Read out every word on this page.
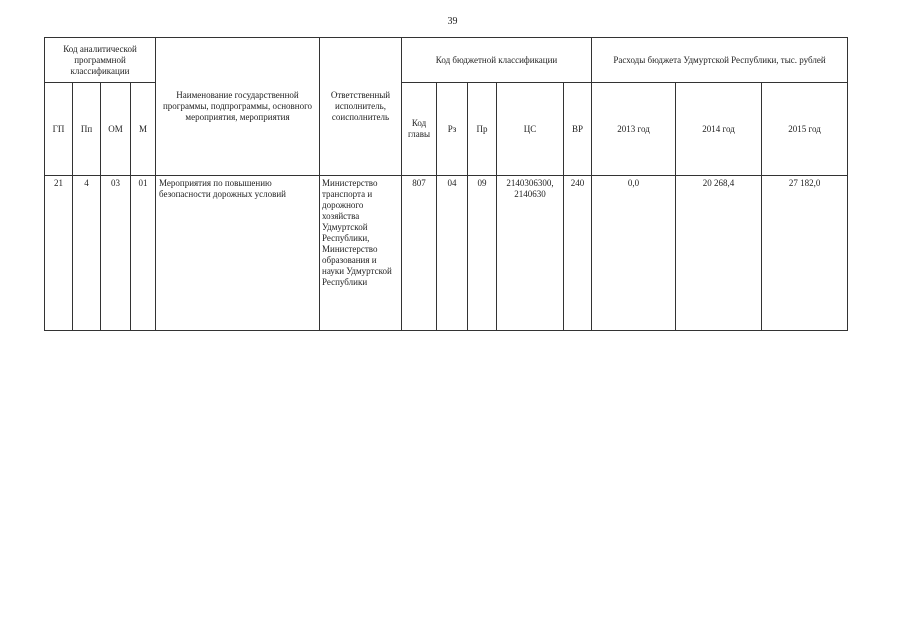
39
Код аналитической программной классификации				Наименование государственной программы, подпрограммы, основного мероприятия, мероприятия	Ответственный исполнитель, соисполнитель	Код бюджетной классификации					Расходы бюджета Удмуртской Республики, тыс. рублей		
ГП	Пп	ОМ	М			Код главы	Рз	Пр	ЦС	ВР	2013 год	2014 год	2015 год
21	4	03	01	Мероприятия по повышению безопасности дорожных условий	Министерство транспорта и дорожного хозяйства Удмуртской Республики, Министерство образования и науки Удмуртской Республики	807	04	09	2140306300, 2140630	240	0,0	20 268,4	27 182,0
